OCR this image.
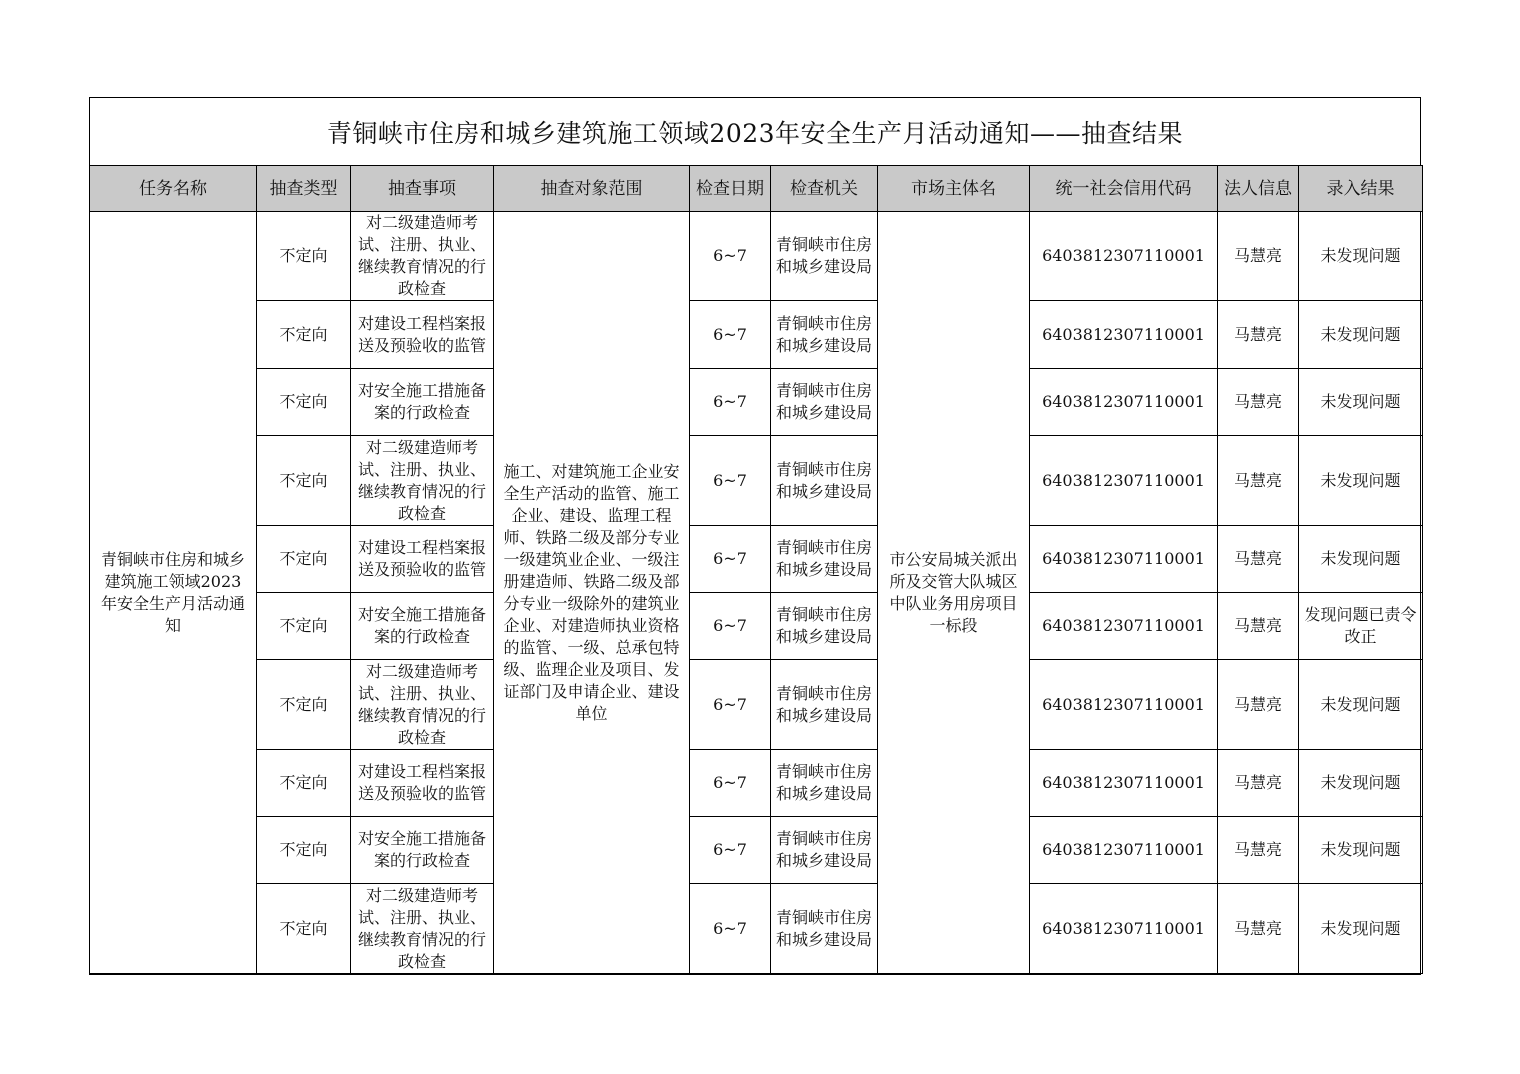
青铜峡市住房和城乡建筑施工领域2023年安全生产月活动通知——抽查结果
任务名称	抽查类型	抽查事项	抽查对象范围	检查日期	检查机关	市场主体名	统一社会信用代码	法人信息	录入结果
青铜峡市住房和城乡建筑施工领域2023年安全生产月活动通知	不定向	对二级建造师考试、注册、执业、继续教育情况的行政检查	施工、对建筑施工企业安全生产活动的监管、施工企业、建设、监理工程师、铁路二级及部分专业一级建筑业企业、一级注册建造师、铁路二级及部分专业一级除外的建筑业企业、对建造师执业资格的监管、一级、总承包特级、监理企业及项目、发证部门及申请企业、建设单位	6~7	青铜峡市住房和城乡建设局	市公安局城关派出所及交管大队城区中队业务用房项目一标段	6403812307110001	马慧亮	未发现问题
	不定向	对建设工程档案报送及预验收的监管		6~7	青铜峡市住房和城乡建设局		6403812307110001	马慧亮	未发现问题
	不定向	对安全施工措施备案的行政检查		6~7	青铜峡市住房和城乡建设局		6403812307110001	马慧亮	未发现问题
	不定向	对二级建造师考试、注册、执业、继续教育情况的行政检查		6~7	青铜峡市住房和城乡建设局		6403812307110001	马慧亮	未发现问题
	不定向	对建设工程档案报送及预验收的监管		6~7	青铜峡市住房和城乡建设局		6403812307110001	马慧亮	未发现问题
	不定向	对安全施工措施备案的行政检查		6~7	青铜峡市住房和城乡建设局		6403812307110001	马慧亮	发现问题已责令改正
	不定向	对二级建造师考试、注册、执业、继续教育情况的行政检查		6~7	青铜峡市住房和城乡建设局		6403812307110001	马慧亮	未发现问题
	不定向	对建设工程档案报送及预验收的监管		6~7	青铜峡市住房和城乡建设局		6403812307110001	马慧亮	未发现问题
	不定向	对安全施工措施备案的行政检查		6~7	青铜峡市住房和城乡建设局		6403812307110001	马慧亮	未发现问题
	不定向	对二级建造师考试、注册、执业、继续教育情况的行政检查		6~7	青铜峡市住房和城乡建设局		6403812307110001	马慧亮	未发现问题
